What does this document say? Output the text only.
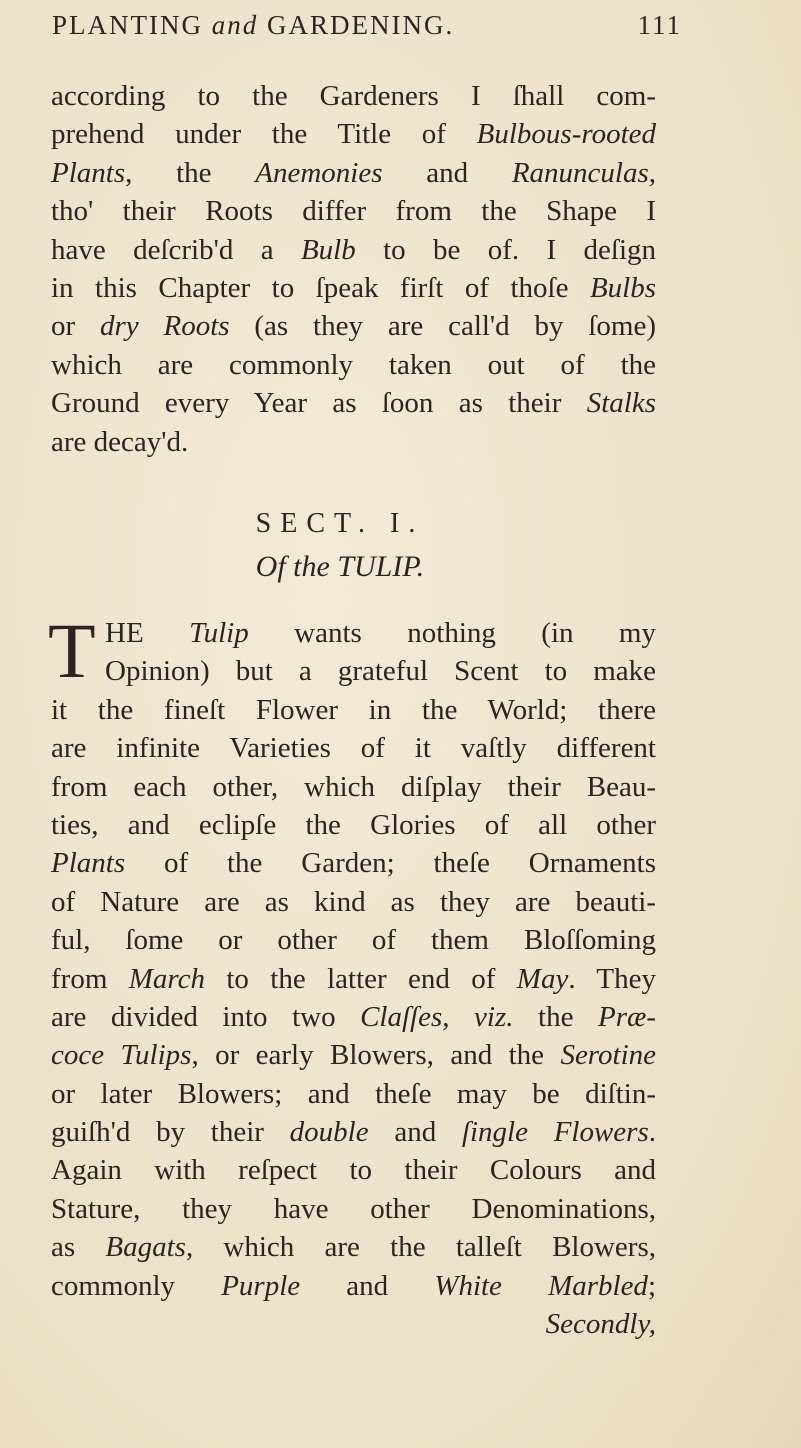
PLANTING and GARDENING.	111
according to the Gardeners I ſhall com-
prehend under the Title of Bulbous-rooted
Plants, the Anemonies and Ranunculas,
tho' their Roots differ from the Shape I
have deſcrib'd a Bulb to be of. I deſign
in this Chapter to ſpeak firſt of thoſe Bulbs
or dry Roots (as they are call'd by ſome)
which are commonly taken out of the
Ground every Year as ſoon as their Stalks
are decay'd.
SECT. I.
Of the TULIP.
T HE Tulip wants nothing (in my
Opinion) but a grateful Scent to make
it the fineſt Flower in the World; there
are infinite Varieties of it vaſtly different
from each other, which diſplay their Beau-
ties, and eclipſe the Glories of all other
Plants of the Garden; theſe Ornaments
of Nature are as kind as they are beauti-
ful, ſome or other of them Bloſſoming
from March to the latter end of May. They
are divided into two Claſſes, viz. the Præ-
coce Tulips, or early Blowers, and the Serotine
or later Blowers; and theſe may be diſtin-
guiſh'd by their double and ſingle Flowers.
Again with reſpect to their Colours and
Stature, they have other Denominations,
as Bagats, which are the talleſt Blowers,
commonly Purple and White Marbled;
Secondly,
